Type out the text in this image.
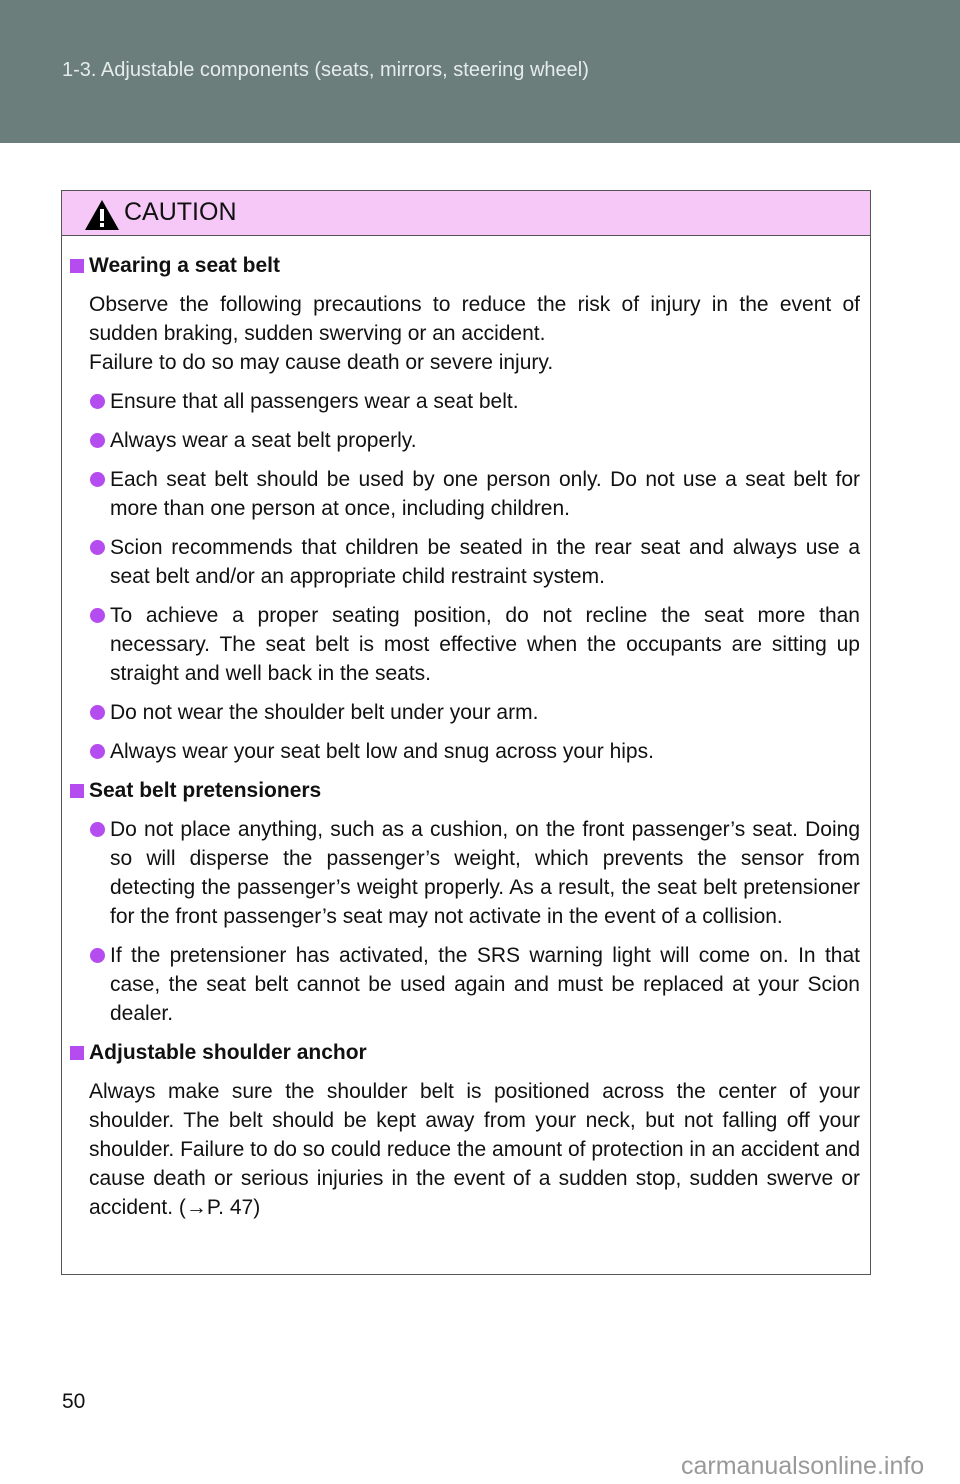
1-3. Adjustable components (seats, mirrors, steering wheel)
CAUTION
Wearing a seat belt
Observe the following precautions to reduce the risk of injury in the event of sudden braking, sudden swerving or an accident.
Failure to do so may cause death or severe injury.
Ensure that all passengers wear a seat belt.
Always wear a seat belt properly.
Each seat belt should be used by one person only. Do not use a seat belt for more than one person at once, including children.
Scion recommends that children be seated in the rear seat and always use a seat belt and/or an appropriate child restraint system.
To achieve a proper seating position, do not recline the seat more than necessary. The seat belt is most effective when the occupants are sitting up straight and well back in the seats.
Do not wear the shoulder belt under your arm.
Always wear your seat belt low and snug across your hips.
Seat belt pretensioners
Do not place anything, such as a cushion, on the front passenger’s seat. Doing so will disperse the passenger’s weight, which prevents the sensor from detecting the passenger’s weight properly. As a result, the seat belt pretensioner for the front passenger’s seat may not activate in the event of a collision.
If the pretensioner has activated, the SRS warning light will come on. In that case, the seat belt cannot be used again and must be replaced at your Scion dealer.
Adjustable shoulder anchor
Always make sure the shoulder belt is positioned across the center of your shoulder. The belt should be kept away from your neck, but not falling off your shoulder. Failure to do so could reduce the amount of protection in an accident and cause death or serious injuries in the event of a sudden stop, sudden swerve or accident. (→P. 47)
50
carmanualsonline.info
